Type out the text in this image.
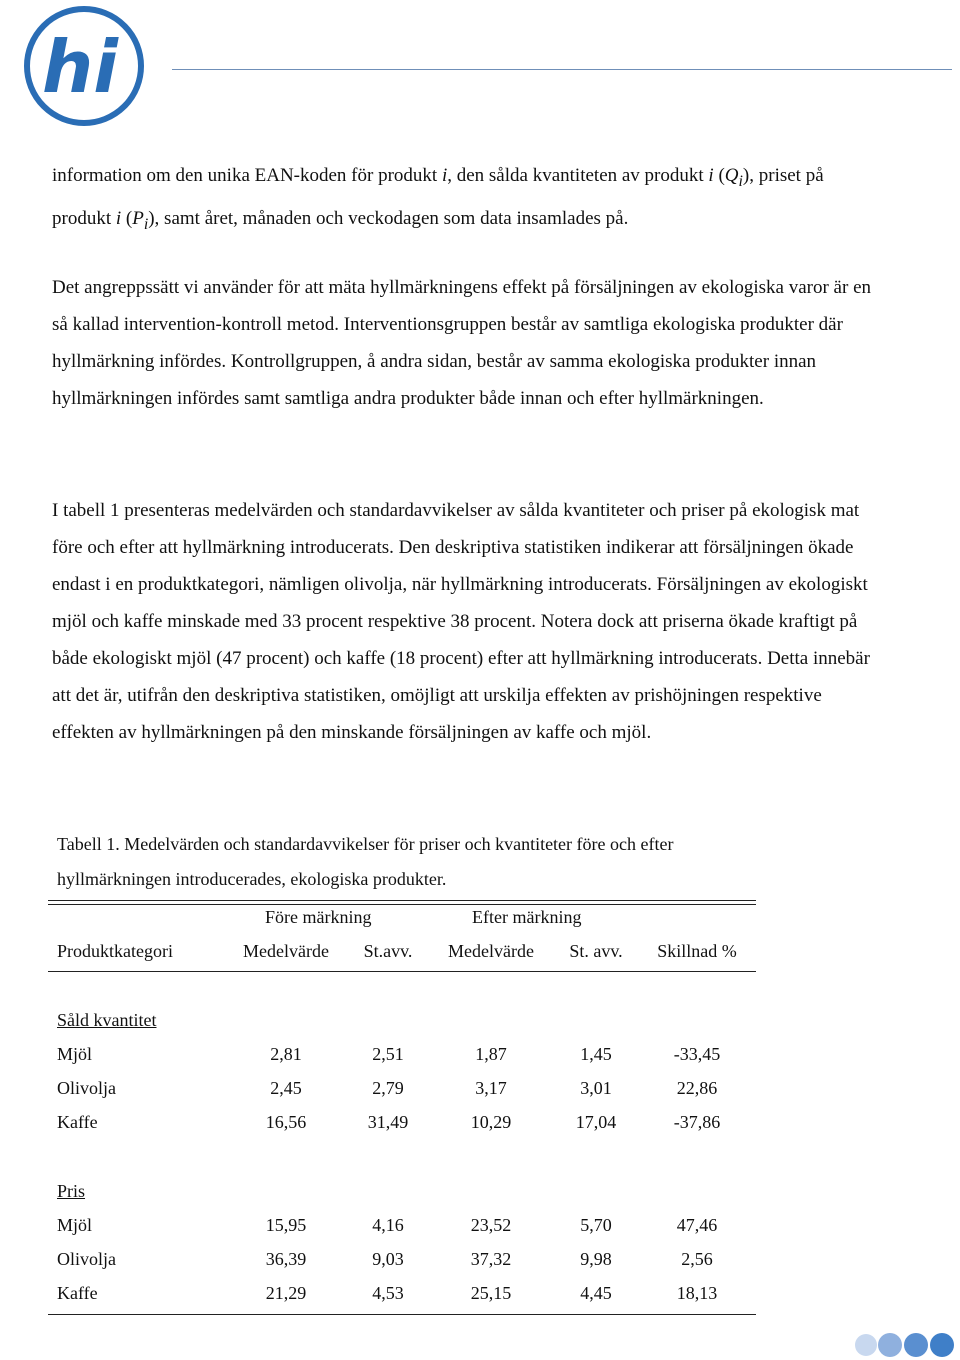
hi

information om den unika EAN-koden för produkt i, den sålda kvantiteten av produkt i $(Q_i)$, priset på produkt i $(P_i)$, samt året, månaden och veckodagen som data insamlades på.

Det angreppssätt vi använder för att mäta hyllmärkningens effekt på försäljningen av ekologiska varor är en så kallad intervention-kontroll metod. Interventionsgruppen består av samtliga ekologiska produkter där hyllmärkning infördes. Kontrollgruppen, å andra sidan, består av samma ekologiska produkter innan hyllmärkningen infördes samt samtliga andra produkter både innan och efter hyllmärkningen.

I tabell 1 presenteras medelvärden och standardavvikelser av sålda kvantiteter och priser på ekologisk mat före och efter att hyllmärkning introducerats. Den deskriptiva statistiken indikerar att försäljningen ökade endast i en produktkategori, nämligen olivolja, när hyllmärkning introducerats. Försäljningen av ekologiskt mjöl och kaffe minskade med 33 procent respektive 38 procent. Notera dock att priserna ökade kraftigt på både ekologiskt mjöl (47 procent) och kaffe (18 procent) efter att hyllmärkning introducerats. Detta innebär att det är, utifrån den deskriptiva statistiken, omöjligt att urskilja effekten av prishöjningen respektive effekten av hyllmärkningen på den minskande försäljningen av kaffe och mjöl.

Tabell 1. Medelvärden och standardavvikelser för priser och kvantiteter före och efter hyllmärkningen introducerades, ekologiska produkter.

Före märkning	Efter märkning
Produktkategori	Medelvärde	St.avv.	Medelvärde	St. avv.	Skillnad %
Såld kvantitet
Mjöl	2,81	2,51	1,87	1,45	-33,45
Olivolja	2,45	2,79	3,17	3,01	22,86
Kaffe	16,56	31,49	10,29	17,04	-37,86
Pris
Mjöl	15,95	4,16	23,52	5,70	47,46
Olivolja	36,39	9,03	37,32	9,98	2,56
Kaffe	21,29	4,53	25,15	4,45	18,13
